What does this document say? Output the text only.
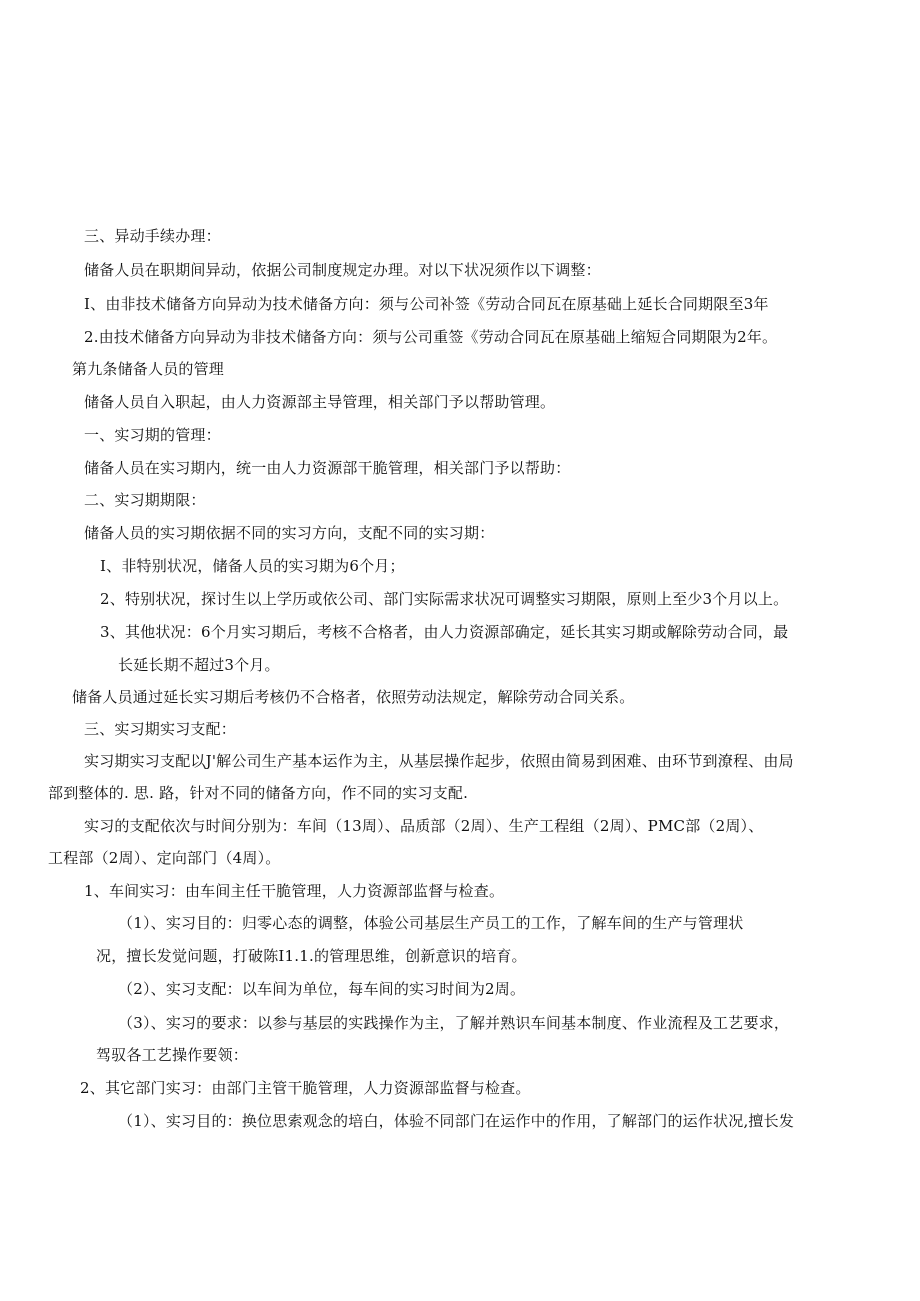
三、异动手续办理：
储备人员在职期间异动，依据公司制度规定办理。对以下状况须作以下调整：
I、由非技术储备方向异动为技术储备方向：须与公司补签《劳动合同瓦在原基础上延长合同期限至3年
2.由技术储备方向异动为非技术储备方向：须与公司重签《劳动合同瓦在原基础上缩短合同期限为2年。
第九条储备人员的管理
储备人员自入职起，由人力资源部主导管理，相关部门予以帮助管理。
一、实习期的管理：
储备人员在实习期内，统一由人力资源部干脆管理，相关部门予以帮助：
二、实习期期限：
储备人员的实习期依据不同的实习方向，支配不同的实习期：
I、非特别状况，储备人员的实习期为6个月；
2、特别状况，探讨生以上学历或依公司、部门实际需求状况可调整实习期限，原则上至少3个月以上。
3、其他状况：6个月实习期后，考核不合格者，由人力资源部确定，延长其实习期或解除劳动合同，最
长延长期不超过3个月。
储备人员通过延长实习期后考核仍不合格者，依照劳动法规定，解除劳动合同关系。
三、实习期实习支配：
实习期实习支配以J'解公司生产基本运作为主，从基层操作起步，依照由简易到困难、由环节到潦程、由局
部到整体的. 思. 路，针对不同的储备方向，作不同的实习支配.
实习的支配依次与时间分别为：车间（13周）、品质部（2周）、生产工程组（2周）、PMC部（2周）、
工程部（2周）、定向部门（4周）。
1、车间实习：由车间主任干脆管理，人力资源部监督与检查。
（1）、实习目的：归零心态的调整，体验公司基层生产员工的工作，了解车间的生产与管理状
况，擅长发觉问题，打破陈I1.1.的管理思维，创新意识的培育。
（2）、实习支配：以车间为单位，每车间的实习时间为2周。
（3）、实习的要求：以参与基层的实践操作为主，了解并熟识车间基本制度、作业流程及工艺要求，
驾驭各工艺操作要领：
2、其它部门实习：由部门主管干脆管理，人力资源部监督与检查。
（1）、实习目的：换位思索观念的培白，体验不同部门在运作中的作用，了解部门的运作状况,擅长发
